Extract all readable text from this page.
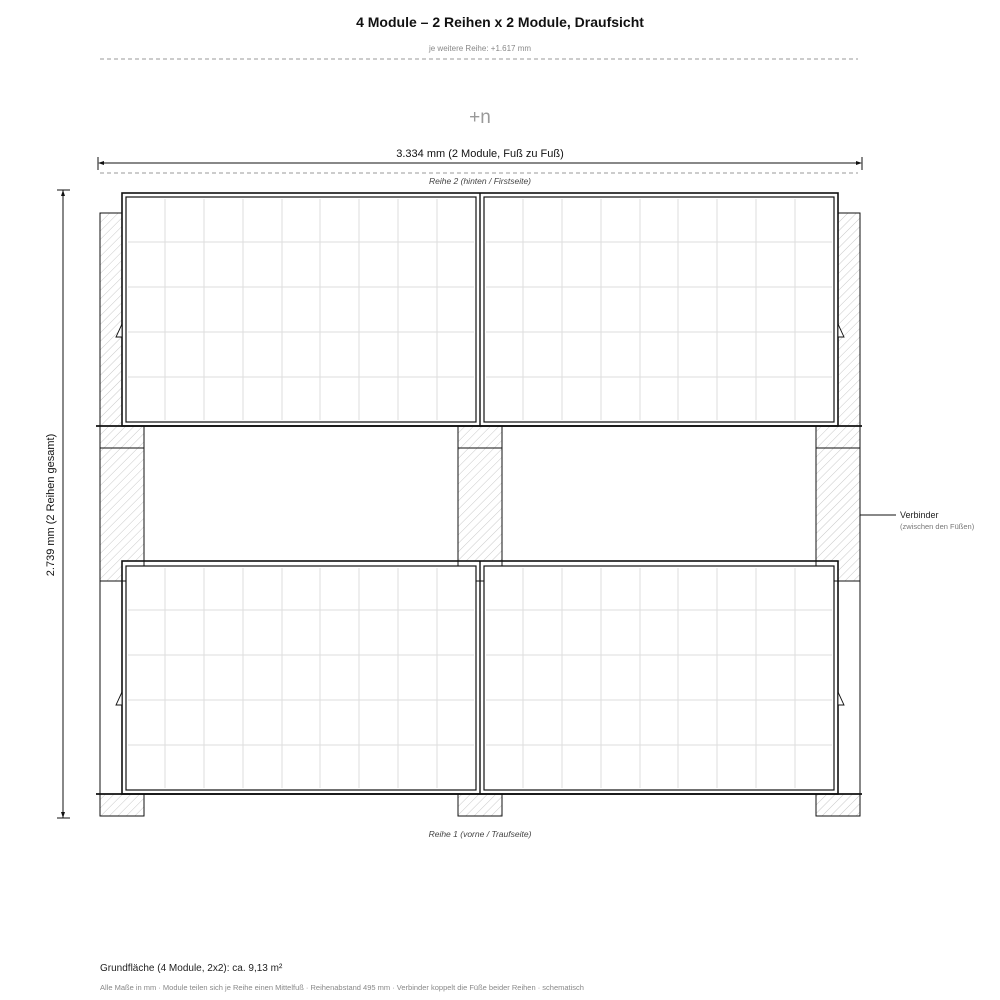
4 Module – 2 Reihen x 2 Module, Draufsicht
je weitere Reihe: +1.617 mm
+n
3.334 mm (2 Module, Fuß zu Fuß)
Reihe 2 (hinten / Firstseite)
2.739 mm (2 Reihen gesamt)	Verbinder
(zwischen den Füßen)
Reihe 1 (vorne / Traufseite)
Grundfläche (4 Module, 2x2): ca. 9,13 m²
Alle Maße in mm · Module teilen sich je Reihe einen Mittelfuß · Reihenabstand 495 mm · Verbinder koppelt die Füße beider Reihen · schematisch
